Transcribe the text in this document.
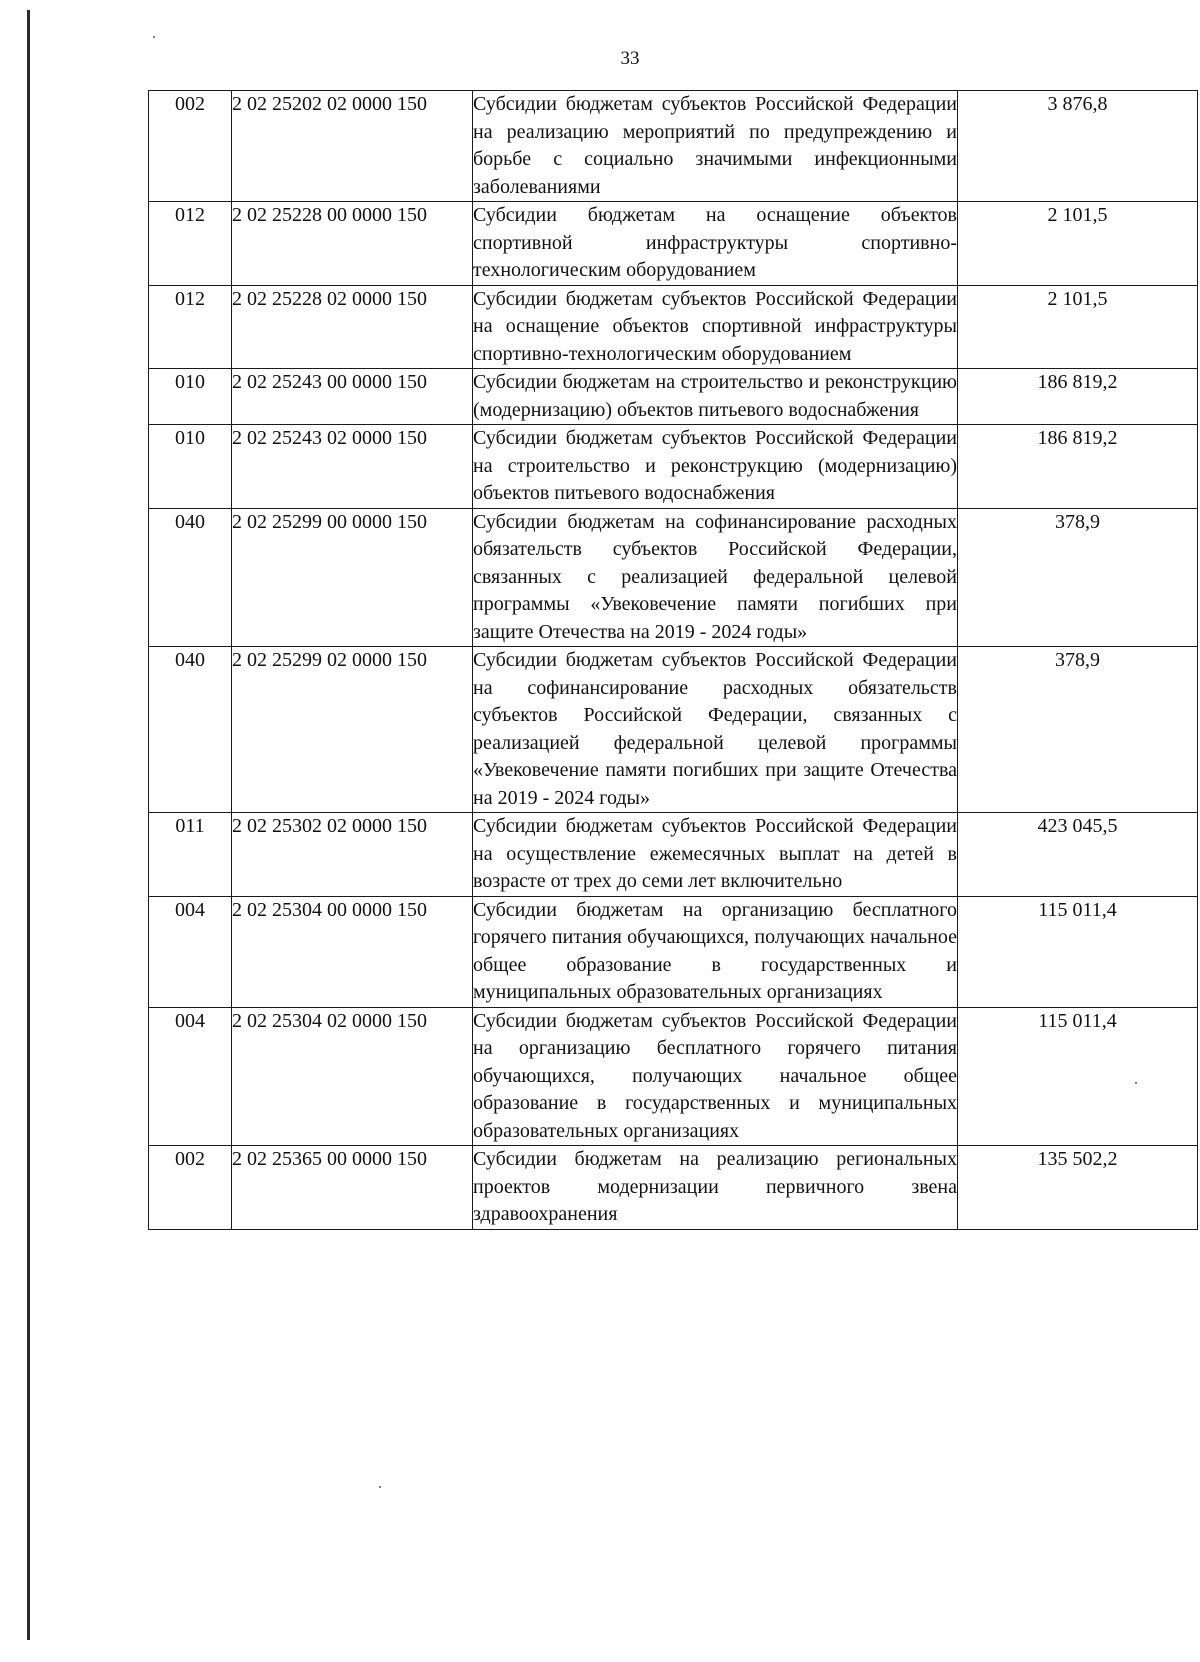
33
002	2 02 25202 02 0000 150	Субсидии бюджетам субъектов Российской Федерации на реализацию мероприятий по предупреждению и борьбе с социально значимыми инфекционными заболеваниями	3 876,8
012	2 02 25228 00 0000 150	Субсидии бюджетам на оснащение объектов спортивной инфраструктуры спортивно-технологическим оборудованием	2 101,5
012	2 02 25228 02 0000 150	Субсидии бюджетам субъектов Российской Федерации на оснащение объектов спортивной инфраструктуры спортивно-технологическим оборудованием	2 101,5
010	2 02 25243 00 0000 150	Субсидии бюджетам на строительство и реконструкцию (модернизацию) объектов питьевого водоснабжения	186 819,2
010	2 02 25243 02 0000 150	Субсидии бюджетам субъектов Российской Федерации на строительство и реконструкцию (модернизацию) объектов питьевого водоснабжения	186 819,2
040	2 02 25299 00 0000 150	Субсидии бюджетам на софинансирование расходных обязательств субъектов Российской Федерации, связанных с реализацией федеральной целевой программы «Увековечение памяти погибших при защите Отечества на 2019 - 2024 годы»	378,9
040	2 02 25299 02 0000 150	Субсидии бюджетам субъектов Российской Федерации на софинансирование расходных обязательств субъектов Российской Федерации, связанных с реализацией федеральной целевой программы «Увековечение памяти погибших при защите Отечества на 2019 - 2024 годы»	378,9
011	2 02 25302 02 0000 150	Субсидии бюджетам субъектов Российской Федерации на осуществление ежемесячных выплат на детей в возрасте от трех до семи лет включительно	423 045,5
004	2 02 25304 00 0000 150	Субсидии бюджетам на организацию бесплатного горячего питания обучающихся, получающих начальное общее образование в государственных и муниципальных образовательных организациях	115 011,4
004	2 02 25304 02 0000 150	Субсидии бюджетам субъектов Российской Федерации на организацию бесплатного горячего питания обучающихся, получающих начальное общее образование в государственных и муниципальных образовательных организациях	115 011,4
002	2 02 25365 00 0000 150	Субсидии бюджетам на реализацию региональных проектов модернизации первичного звена здравоохранения	135 502,2
